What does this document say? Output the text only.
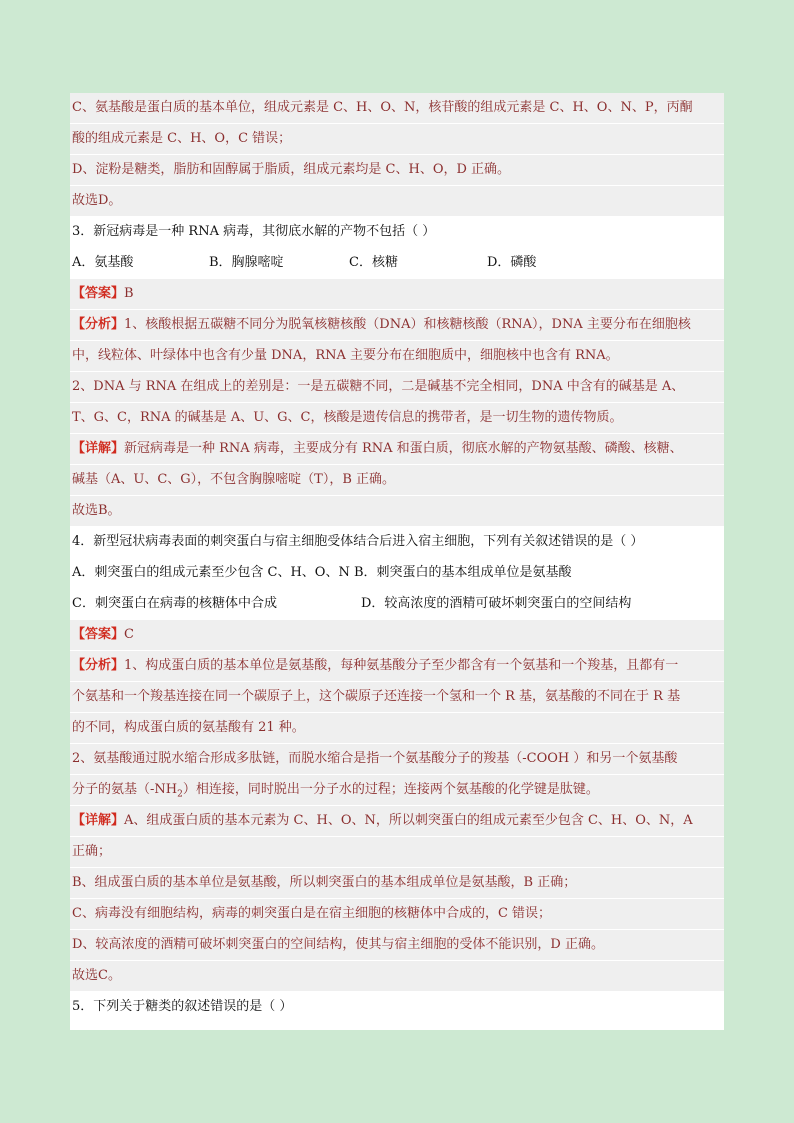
C、氨基酸是蛋白质的基本单位，组成元素是 C、H、O、N，核苷酸的组成元素是 C、H、O、N、P，丙酮
酸的组成元素是 C、H、O，C 错误；
D、淀粉是糖类，脂肪和固醇属于脂质，组成元素均是 C、H、O，D 正确。
故选D。
3．新冠病毒是一种 RNA 病毒，其彻底水解的产物不包括（ ）
A．氨基酸	B．胸腺嘧啶	C．核糖	D．磷酸
【答案】B
【分析】1、核酸根据五碳糖不同分为脱氧核糖核酸（DNA）和核糖核酸（RNA），DNA 主要分布在细胞核
中，线粒体、叶绿体中也含有少量 DNA，RNA 主要分布在细胞质中，细胞核中也含有 RNA。
2、DNA 与 RNA 在组成上的差别是：一是五碳糖不同，二是碱基不完全相同，DNA 中含有的碱基是 A、
T、G、C，RNA 的碱基是 A、U、G、C，核酸是遗传信息的携带者，是一切生物的遗传物质。
【详解】新冠病毒是一种 RNA 病毒，主要成分有 RNA 和蛋白质，彻底水解的产物氨基酸、磷酸、核糖、
碱基（A、U、C、G），不包含胸腺嘧啶（T），B 正确。
故选B。
4．新型冠状病毒表面的刺突蛋白与宿主细胞受体结合后进入宿主细胞，下列有关叙述错误的是（ ）
A．刺突蛋白的组成元素至少包含 C、H、O、N B．刺突蛋白的基本组成单位是氨基酸
C．刺突蛋白在病毒的核糖体中合成	D．较高浓度的酒精可破坏刺突蛋白的空间结构
【答案】C
【分析】1、构成蛋白质的基本单位是氨基酸，每种氨基酸分子至少都含有一个氨基和一个羧基，且都有一
个氨基和一个羧基连接在同一个碳原子上，这个碳原子还连接一个氢和一个 R 基，氨基酸的不同在于 R 基
的不同，构成蛋白质的氨基酸有 21 种。
2、氨基酸通过脱水缩合形成多肽链，而脱水缩合是指一个氨基酸分子的羧基（-COOH ）和另一个氨基酸
分子的氨基$(-NH_2)$相连接，同时脱出一分子水的过程；连接两个氨基酸的化学键是肽键。
【详解】A、组成蛋白质的基本元素为 C、H、O、N，所以刺突蛋白的组成元素至少包含 C、H、O、N，A
正确；
B、组成蛋白质的基本单位是氨基酸，所以刺突蛋白的基本组成单位是氨基酸，B 正确；
C、病毒没有细胞结构，病毒的刺突蛋白是在宿主细胞的核糖体中合成的，C 错误；
D、较高浓度的酒精可破坏刺突蛋白的空间结构，使其与宿主细胞的受体不能识别，D 正确。
故选C。
5．下列关于糖类的叙述错误的是（ ）
